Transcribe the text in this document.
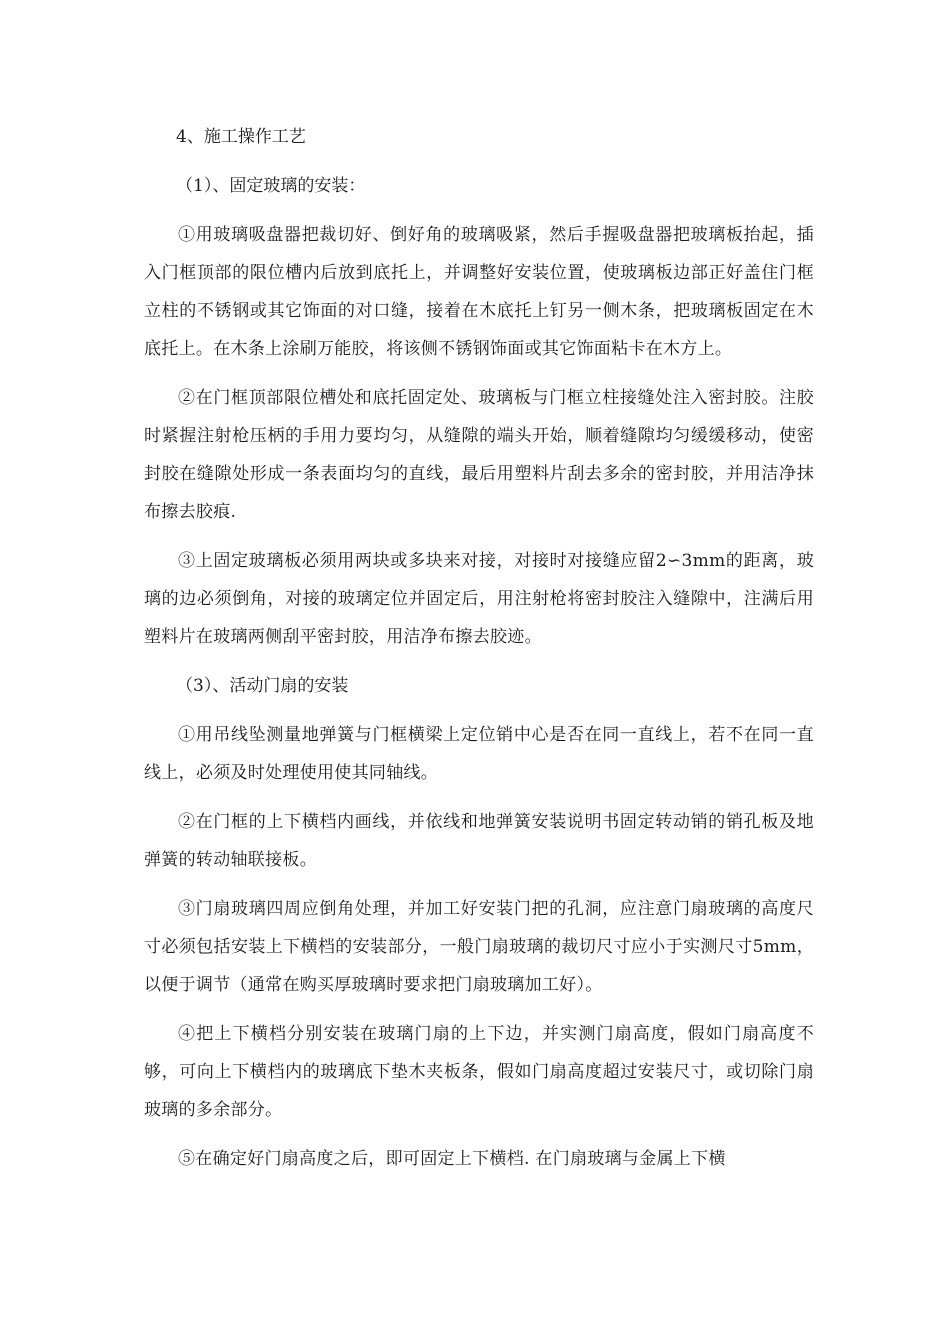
4、施工操作工艺
（1）、固定玻璃的安装：

①用玻璃吸盘器把裁切好、倒好角的玻璃吸紧，然后手握吸盘器把玻璃板抬起，插入门框顶部的限位槽内后放到底托上，并调整好安装位置，使玻璃板边部正好盖住门框立柱的不锈钢或其它饰面的对口缝，接着在木底托上钉另一侧木条，把玻璃板固定在木底托上。在木条上涂刷万能胶，将该侧不锈钢饰面或其它饰面粘卡在木方上。

②在门框顶部限位槽处和底托固定处、玻璃板与门框立柱接缝处注入密封胶。注胶时紧握注射枪压柄的手用力要均匀，从缝隙的端头开始，顺着缝隙均匀缓缓移动，使密封胶在缝隙处形成一条表面均匀的直线，最后用塑料片刮去多余的密封胶，并用洁净抹布擦去胶痕.

③上固定玻璃板必须用两块或多块来对接，对接时对接缝应留2∽3mm的距离，玻璃的边必须倒角，对接的玻璃定位并固定后，用注射枪将密封胶注入缝隙中，注满后用塑料片在玻璃两侧刮平密封胶，用洁净布擦去胶迹。

（3）、活动门扇的安装

①用吊线坠测量地弹簧与门框横梁上定位销中心是否在同一直线上，若不在同一直线上，必须及时处理使用使其同轴线。

②在门框的上下横档内画线，并依线和地弹簧安装说明书固定转动销的销孔板及地弹簧的转动轴联接板。

③门扇玻璃四周应倒角处理，并加工好安装门把的孔洞，应注意门扇玻璃的高度尺寸必须包括安装上下横档的安装部分，一般门扇玻璃的裁切尺寸应小于实测尺寸5mm，以便于调节（通常在购买厚玻璃时要求把门扇玻璃加工好）。

④把上下横档分别安装在玻璃门扇的上下边，并实测门扇高度，假如门扇高度不够，可向上下横档内的玻璃底下垫木夹板条，假如门扇高度超过安装尺寸，或切除门扇玻璃的多余部分。

⑤在确定好门扇高度之后，即可固定上下横档. 在门扇玻璃与金属上下横
